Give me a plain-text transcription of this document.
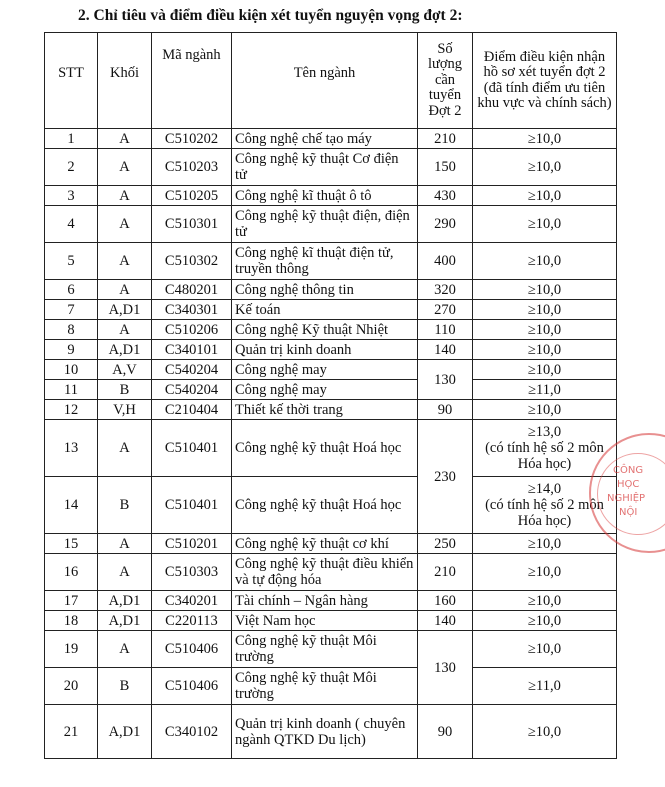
2. Chỉ tiêu và điểm điều kiện xét tuyển nguyện vọng đợt 2:
STT	Khối	Mã ngành	Tên ngành	Số lượng cần tuyển Đợt 2	Điểm điều kiện nhận hồ sơ xét tuyển đợt 2 (đã tính điểm ưu tiên khu vực và chính sách)
1	A	C510202	Công nghệ chế tạo máy	210	≥10,0
2	A	C510203	Công nghệ kỹ thuật Cơ điện tử	150	≥10,0
3	A	C510205	Công nghệ kĩ thuật ô tô	430	≥10,0
4	A	C510301	Công nghệ kỹ thuật điện, điện tử	290	≥10,0
5	A	C510302	Công nghệ kĩ thuật điện tử, truyền thông	400	≥10,0
6	A	C480201	Công nghệ thông tin	320	≥10,0
7	A,D1	C340301	Kế toán	270	≥10,0
8	A	C510206	Công nghệ Kỹ thuật Nhiệt	110	≥10,0
9	A,D1	C340101	Quản trị kinh doanh	140	≥10,0
10	A,V	C540204	Công nghệ may	130	≥10,0
11	B	C540204	Công nghệ may		≥11,0
12	V,H	C210404	Thiết kế thời trang	90	≥10,0
13	A	C510401	Công nghệ kỹ thuật Hoá học	230	≥13,0
(có tính hệ số 2 môn Hóa học)

14	B	C510401	Công nghệ kỹ thuật Hoá học		≥14,0
(có tính hệ số 2 môn Hóa học)

15	A	C510201	Công nghệ kỹ thuật cơ khí	250	≥10,0
16	A	C510303	Công nghệ kỹ thuật điều khiển và tự động hóa	210	≥10,0
17	A,D1	C340201	Tài chính – Ngân hàng	160	≥10,0
18	A,D1	C220113	Việt Nam học	140	≥10,0
19	A	C510406	Công nghệ kỹ thuật Môi trường	130	≥10,0
20	B	C510406	Công nghệ kỹ thuật Môi trường		≥11,0
21	A,D1	C340102	Quản trị kinh doanh ( chuyên ngành QTKD Du lịch)	90	≥10,0
CÔNG
HỌC
NGHIỆP
NỘI
